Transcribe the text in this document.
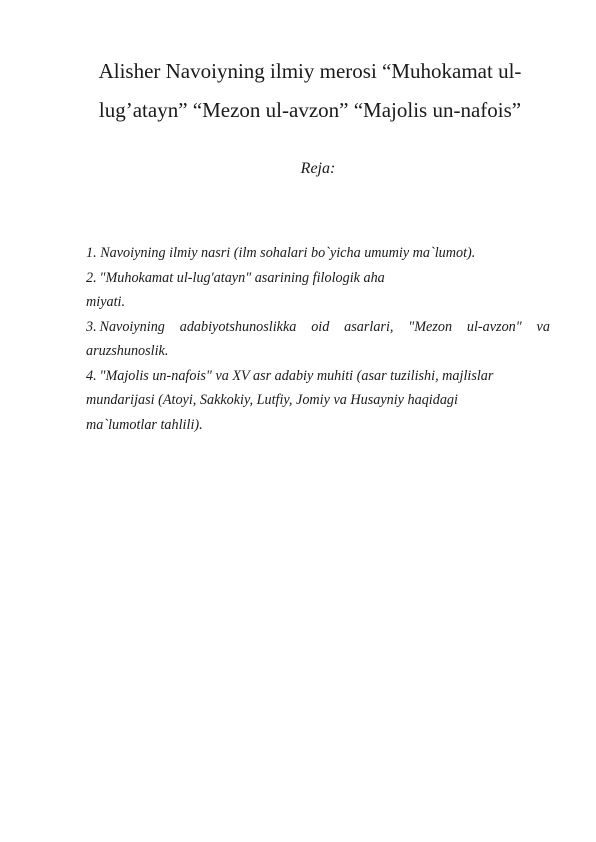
Alisher Navoiyning ilmiy merosi “Muhokamat ul-
lug’atayn” “Mezon ul-avzon” “Majolis un-nafois”

Reja:

1. Navoiyning ilmiy nasri (ilm sohalari bo`yicha umumiy ma`lumot).
2. "Muhokamat ul-lug'atayn" asarining filologik aha
miyati.
3. Navoiyning adabiyotshunoslikka oid asarlari, "Mezon ul-avzon" va
aruzshunoslik.
4. "Majolis un-nafois" va XV asr adabiy muhiti (asar tuzilishi, majlislar
mundarijasi (Atoyi, Sakkokiy, Lutfiy, Jomiy va Husayniy haqidagi
ma`lumotlar tahlili).
